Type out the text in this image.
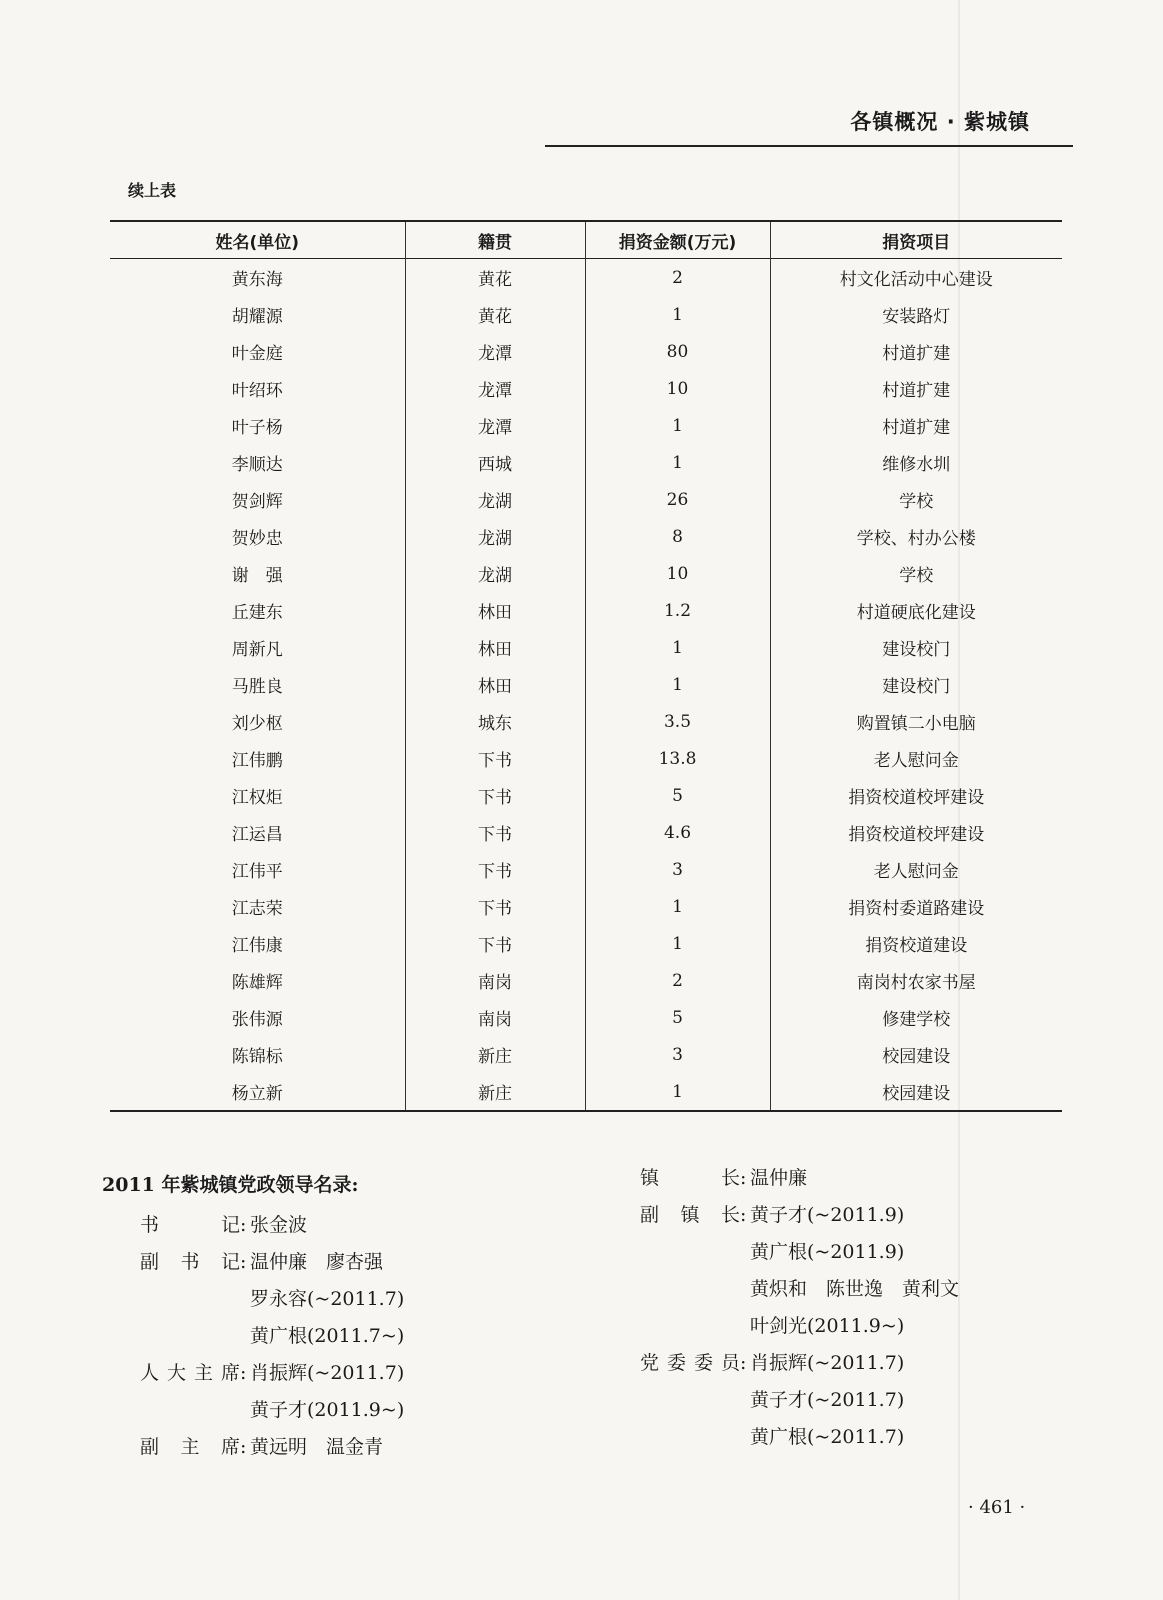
各镇概况 · 紫城镇
续上表
姓名(单位)	籍贯	捐资金额(万元)	捐资项目
黄东海	黄花	2	村文化活动中心建设
胡耀源	黄花	1	安装路灯
叶金庭	龙潭	80	村道扩建
叶绍环	龙潭	10	村道扩建
叶子杨	龙潭	1	村道扩建
李顺达	西城	1	维修水圳
贺剑辉	龙湖	26	学校
贺妙忠	龙湖	8	学校、村办公楼
谢　强	龙湖	10	学校
丘建东	林田	1.2	村道硬底化建设
周新凡	林田	1	建设校门
马胜良	林田	1	建设校门
刘少枢	城东	3.5	购置镇二小电脑
江伟鹏	下书	13.8	老人慰问金
江权炬	下书	5	捐资校道校坪建设
江运昌	下书	4.6	捐资校道校坪建设
江伟平	下书	3	老人慰问金
江志荣	下书	1	捐资村委道路建设
江伟康	下书	1	捐资校道建设
陈雄辉	南岗	2	南岗村农家书屋
张伟源	南岗	5	修建学校
陈锦标	新庄	3	校园建设
杨立新	新庄	1	校园建设
2011 年紫城镇党政领导名录:
书记 : 张金波
副书记 : 温仲廉　廖杏强

罗永容(~2011.7)

黄广根(2011.7~)
人大主席 : 肖振辉(~2011.7)

黄子才(2011.9~)
副主席 : 黄远明　温金青
镇长 : 温仲廉
副镇长 : 黄子才(~2011.9)

黄广根(~2011.9)

黄炽和　陈世逸　黄利文

叶剑光(2011.9~)
党委委员 : 肖振辉(~2011.7)

黄子才(~2011.7)

黄广根(~2011.7)
· 461 ·
